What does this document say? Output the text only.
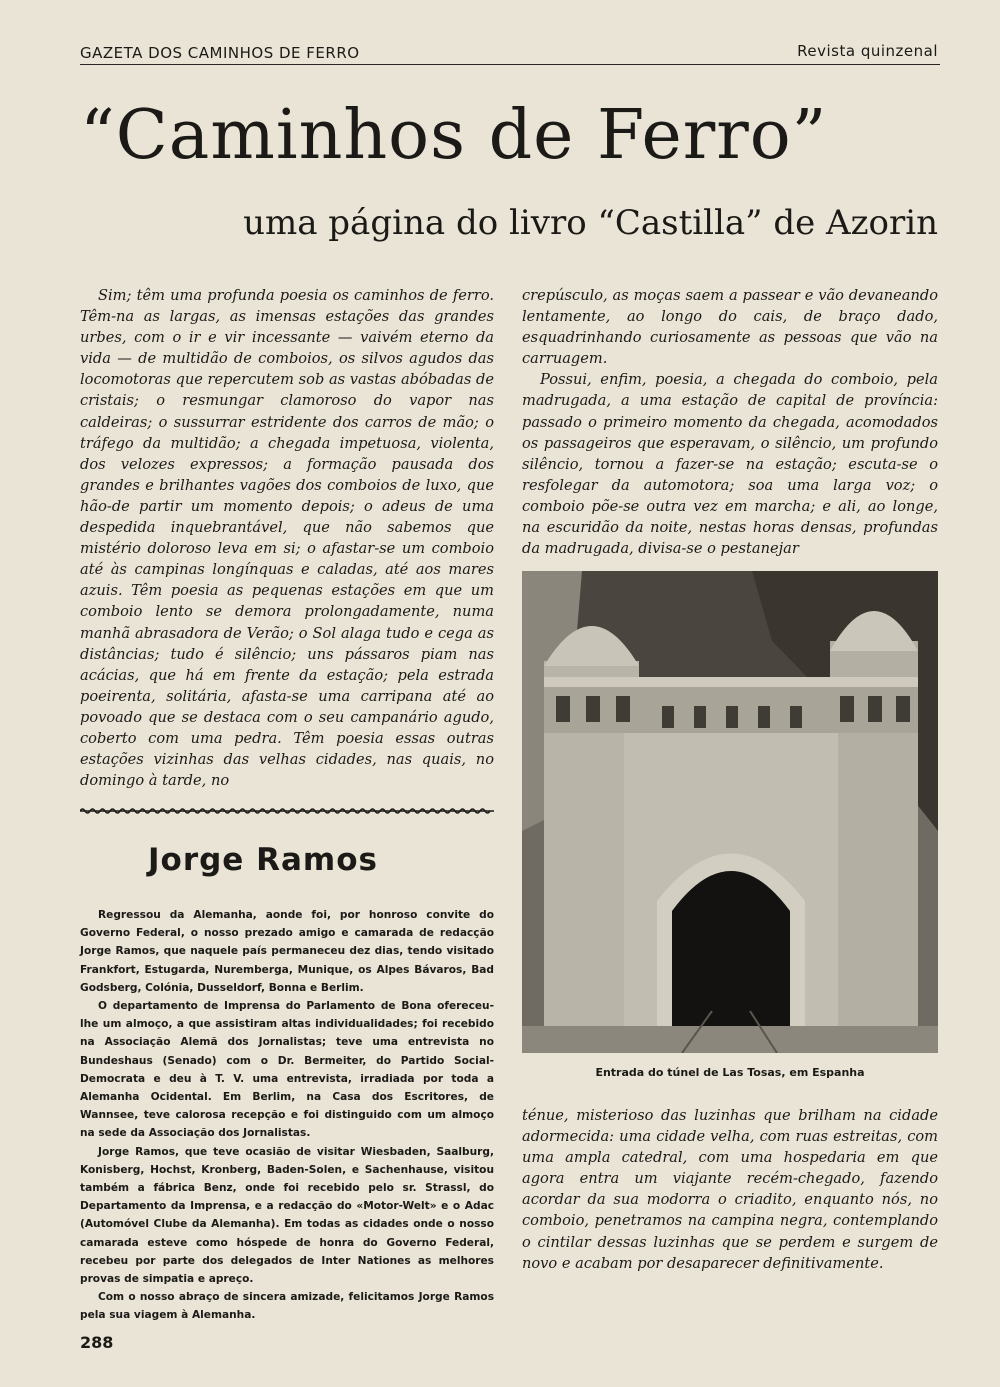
GAZETA DOS CAMINHOS DE FERRO	Revista quinzenal
“Caminhos de Ferro”
uma página do livro “Castilla” de Azorin

Sim; têm uma profunda poesia os caminhos de ferro. Têm-na as largas, as imensas estações das grandes urbes, com o ir e vir incessante — vaivém eterno da vida — de multidão de comboios, os silvos agudos das locomotoras que repercutem sob as vastas abóbadas de cristais; o resmungar clamoroso do vapor nas caldeiras; o sussurrar estridente dos carros de mão; o tráfego da multidão; a chegada impetuosa, violenta, dos velozes expressos; a formação pausada dos grandes e brilhantes vagões dos comboios de luxo, que hão-de partir um momento depois; o adeus de uma despedida inquebrantável, que não sabemos que mistério doloroso leva em si; o afastar-se um comboio até às campinas longínquas e caladas, até aos mares azuis. Têm poesia as pequenas estações em que um comboio lento se demora prolongadamente, numa manhã abrasadora de Verão; o Sol alaga tudo e cega as distâncias; tudo é silêncio; uns pássaros piam nas acácias, que há em frente da estação; pela estrada poeirenta, solitária, afasta-se uma carripana até ao povoado que se destaca com o seu campanário agudo, coberto com uma pedra. Têm poesia essas outras estações vizinhas das velhas cidades, nas quais, no domingo à tarde, no

crepúsculo, as moças saem a passear e vão devaneando lentamente, ao longo do cais, de braço dado, esquadrinhando curiosamente as pessoas que vão na carruagem.

Possui, enfim, poesia, a chegada do comboio, pela madrugada, a uma estação de capital de província: passado o primeiro momento da chegada, acomodados os passageiros que esperavam, o silêncio, um profundo silêncio, tornou a fazer-se na estação; escuta-se o resfolegar da automotora; soa uma larga voz; o comboio põe-se outra vez em marcha; e ali, ao longe, na escuridão da noite, nestas horas densas, profundas da madrugada, divisa-se o pestanejar

Jorge Ramos

Regressou da Alemanha, aonde foi, por honroso convite do Governo Federal, o nosso prezado amigo e camarada de redacção Jorge Ramos, que naquele país permaneceu dez dias, tendo visitado Frankfort, Estugarda, Nuremberga, Munique, os Alpes Bávaros, Bad Godsberg, Colónia, Dusseldorf, Bonna e Berlim.

O departamento de Imprensa do Parlamento de Bona ofereceu-lhe um almoço, a que assistiram altas individualidades; foi recebido na Associação Alemã dos Jornalistas; teve uma entrevista no Bundeshaus (Senado) com o Dr. Bermeiter, do Partido Social-Democrata e deu à T. V. uma entrevista, irradiada por toda a Alemanha Ocidental. Em Berlim, na Casa dos Escritores, de Wannsee, teve calorosa recepção e foi distinguido com um almoço na sede da Associação dos Jornalistas.

Jorge Ramos, que teve ocasião de visitar Wiesbaden, Saalburg, Konisberg, Hochst, Kronberg, Baden-Solen, e Sachenhause, visitou também a fábrica Benz, onde foi recebido pelo sr. Strassl, do Departamento da Imprensa, e a redacção do «Motor-Welt» e o Adac (Automóvel Clube da Alemanha). Em todas as cidades onde o nosso camarada esteve como hóspede de honra do Governo Federal, recebeu por parte dos delegados de Inter Nationes as melhores provas de simpatia e apreço.

Com o nosso abraço de sincera amizade, felicitamos Jorge Ramos pela sua viagem à Alemanha.

Entrada do túnel de Las Tosas, em Espanha

ténue, misterioso das luzinhas que brilham na cidade adormecida: uma cidade velha, com ruas estreitas, com uma ampla catedral, com uma hospedaria em que agora entra um viajante recém-chegado, fazendo acordar da sua modorra o criadito, enquanto nós, no comboio, penetramos na campina negra, contemplando o cintilar dessas luzinhas que se perdem e surgem de novo e acabam por desaparecer definitivamente.

288
